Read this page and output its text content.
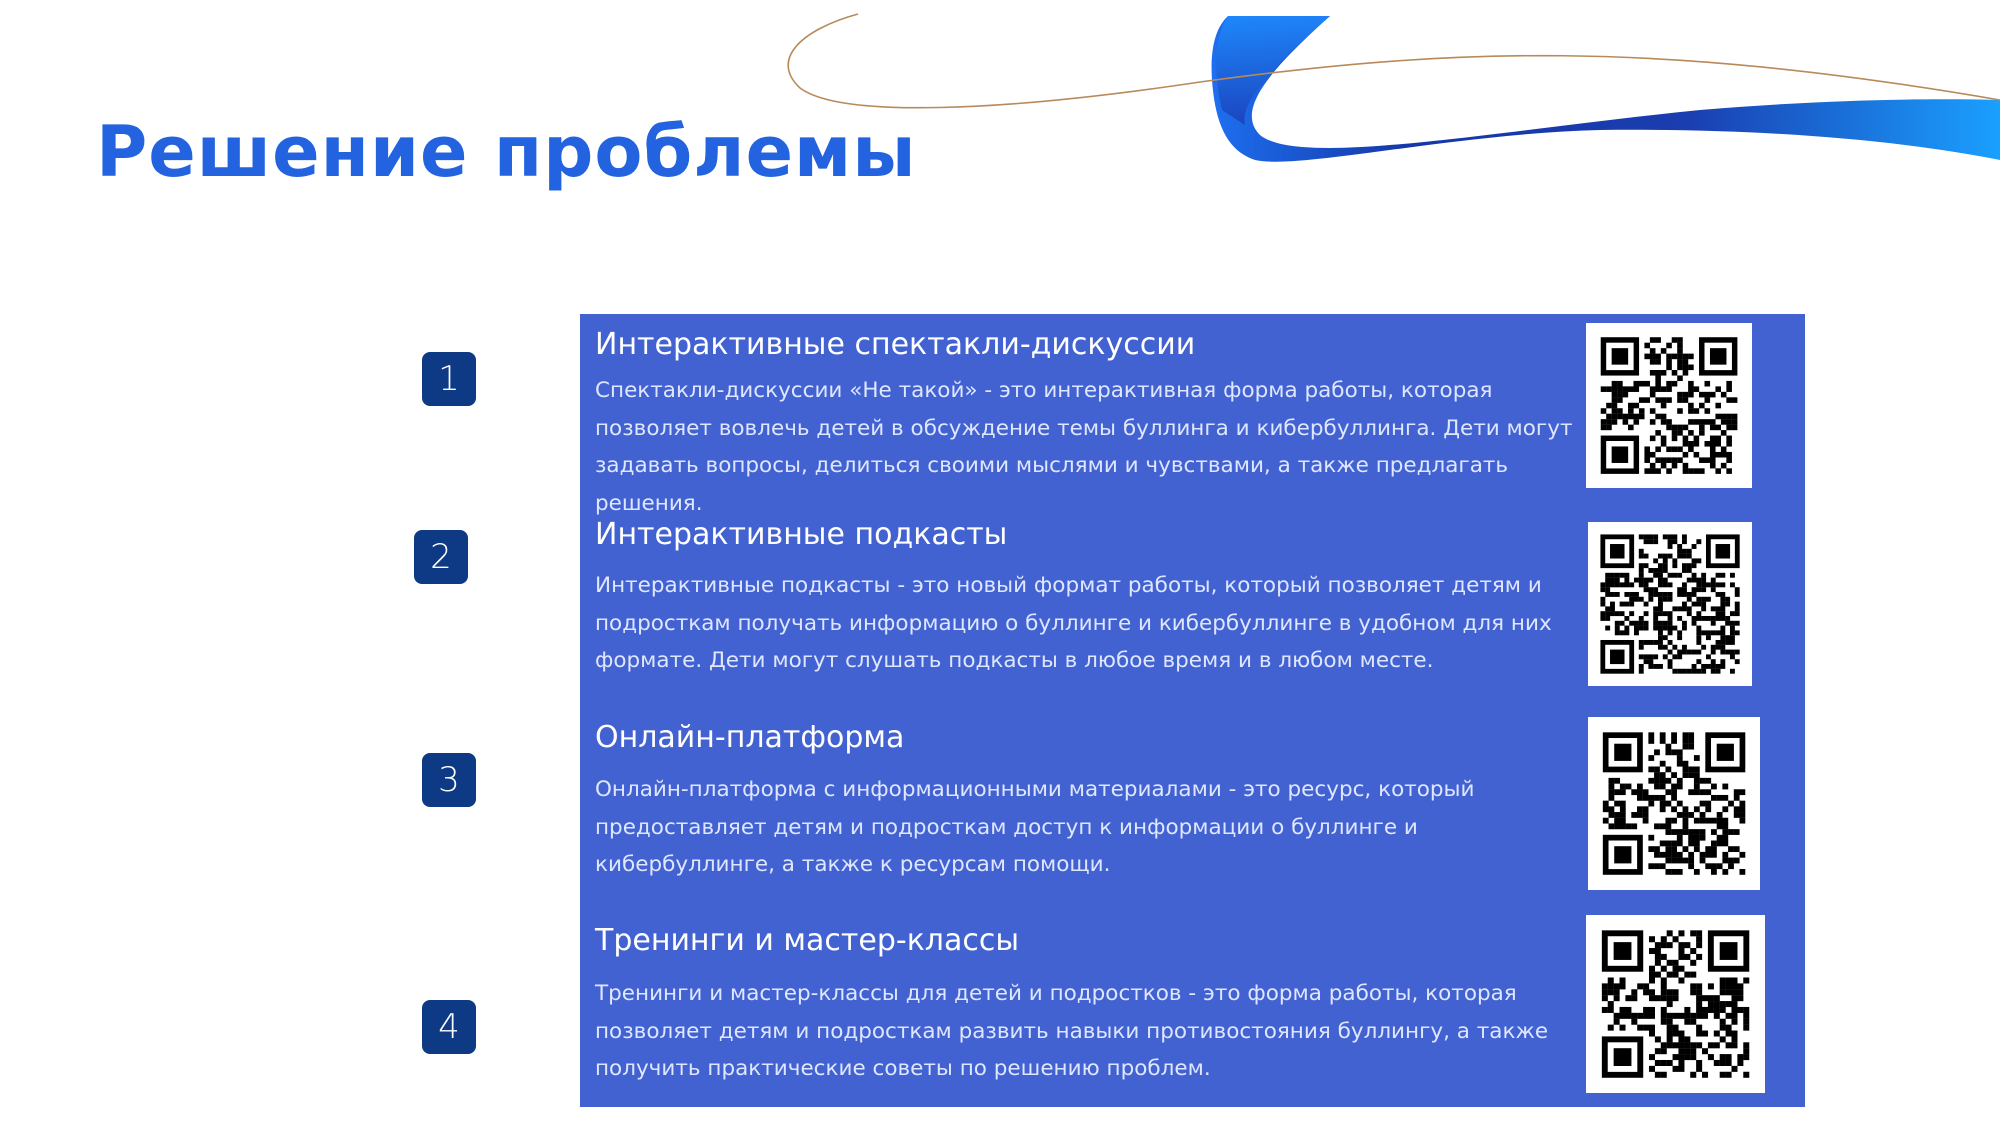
Решение проблемы
1
2
3
4
Интерактивные спектакли-дискуссии

Спектакли-дискуссии «Не такой» - это интерактивная форма работы, которая позволяет вовлечь детей в обсуждение темы буллинга и кибербуллинга. Дети могут задавать вопросы, делиться своими мыслями и чувствами, а также предлагать решения.

Интерактивные подкасты

Интерактивные подкасты - это новый формат работы, который позволяет детям и подросткам получать информацию о буллинге и кибербуллинге в удобном для них формате. Дети могут слушать подкасты в любое время и в любом месте.

Онлайн-платформа

Онлайн-платформа с информационными материалами - это ресурс, который предоставляет детям и подросткам доступ к информации о буллинге и кибербуллинге, а также к ресурсам помощи.

Тренинги и мастер-классы

Тренинги и мастер-классы для детей и подростков - это форма работы, которая позволяет детям и подросткам развить навыки противостояния буллингу, а также получить практические советы по решению проблем.
